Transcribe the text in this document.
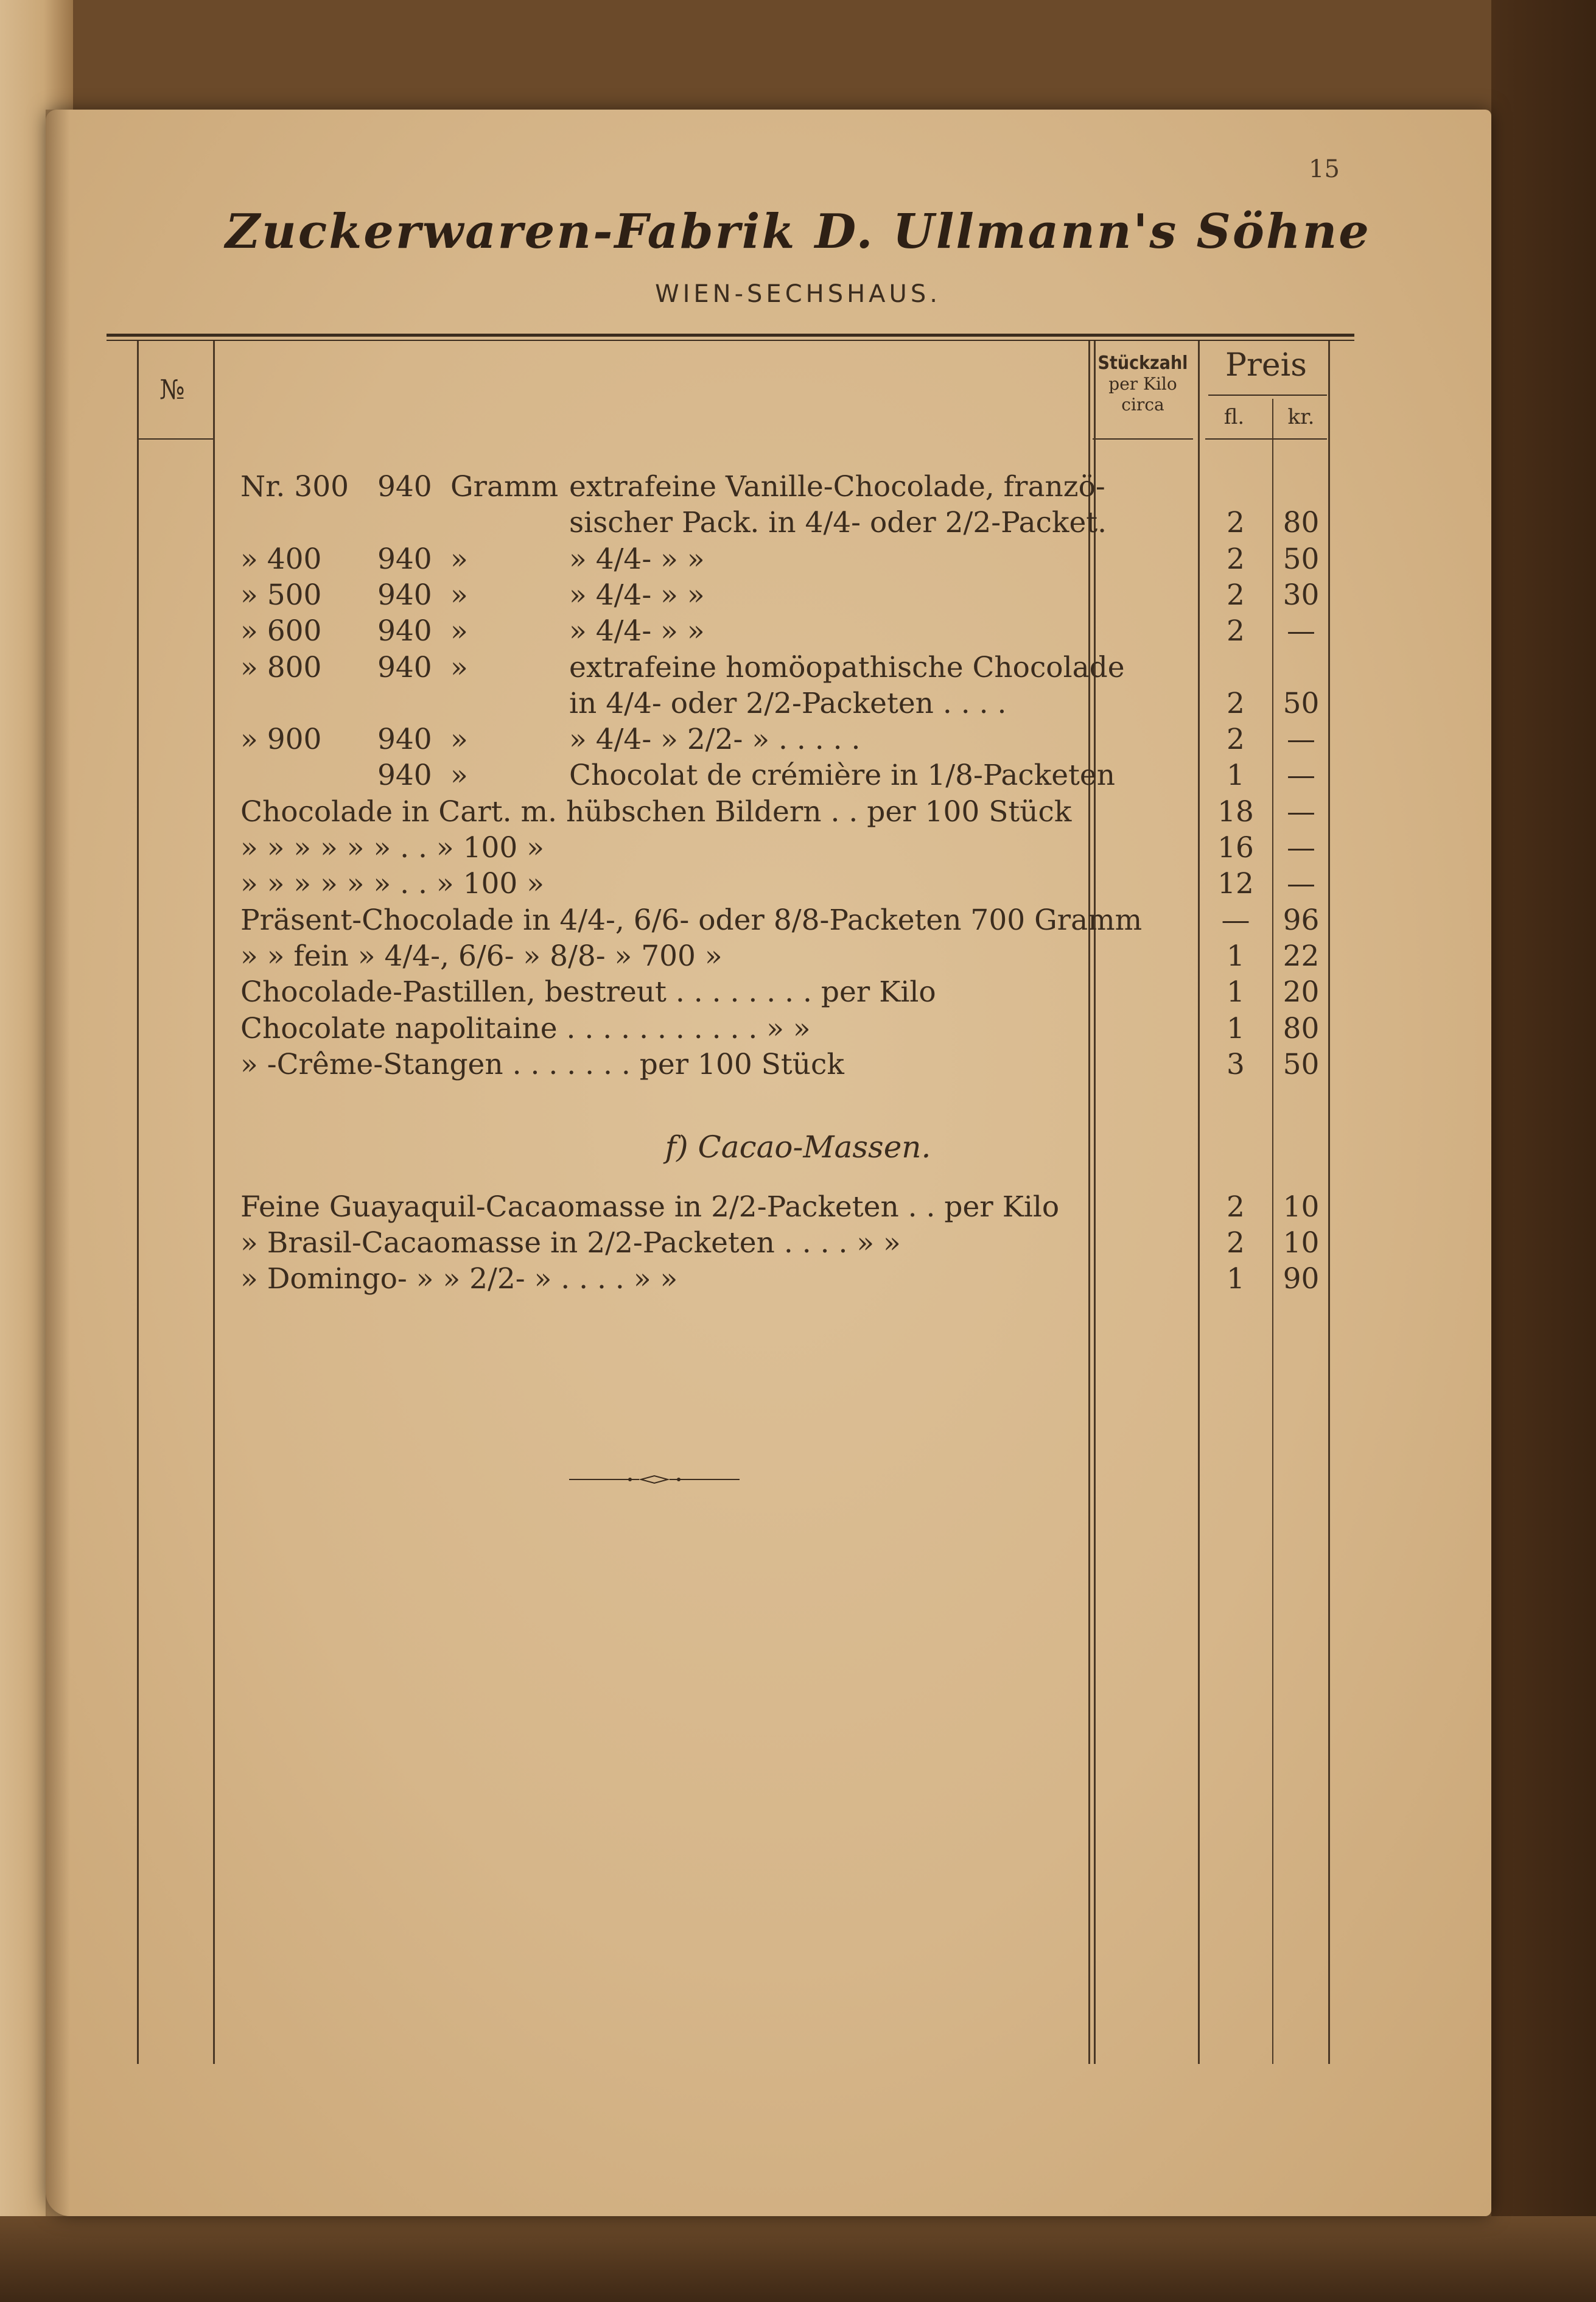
15
Zuckerwaren-Fabrik D. Ullmann's Söhne
WIEN-SECHSHAUS.
№
Stückzahl
per Kilo
circa
Preis
fl.	kr.
Nr. 300 940 Gramm extrafeine Vanille-Chocolade, franzö-
sischer Pack. in 4/4- oder 2/2-Packet.	2	80
» 400 940 »	» 4/4- » »	2	50
» 500 940 »	» 4/4- » »	2	30
» 600 940 »	» 4/4- » »	2	—
» 800 940 »	extrafeine homöopathische Chocolade
in 4/4- oder 2/2-Packeten . . . .	2	50
» 900 940 »	» 4/4- » 2/2- » . . . . .	2	—
940 »	Chocolat de crémière in 1/8-Packeten	1	—
Chocolade in Cart. m. hübschen Bildern . . per 100 Stück	18	—
» » » » » » . . » 100 »	16	—
» » » » » » . . » 100 »	12	—
Präsent-Chocolade in 4/4-, 6/6- oder 8/8-Packeten 700 Gramm	—	96
» » fein » 4/4-, 6/6- » 8/8- » 700 »	1	22
Chocolade-Pastillen, bestreut . . . . . . . . per Kilo	1	20
Chocolate napolitaine . . . . . . . . . . . » »	1	80
» -Crême-Stangen . . . . . . . per 100 Stück	3	50
f) Cacao-Massen.
Feine Guayaquil-Cacaomasse in 2/2-Packeten . . per Kilo	2	10
» Brasil-Cacaomasse in 2/2-Packeten . . . . » »	2	10
» Domingo- » » 2/2- » . . . . » »	1	90
